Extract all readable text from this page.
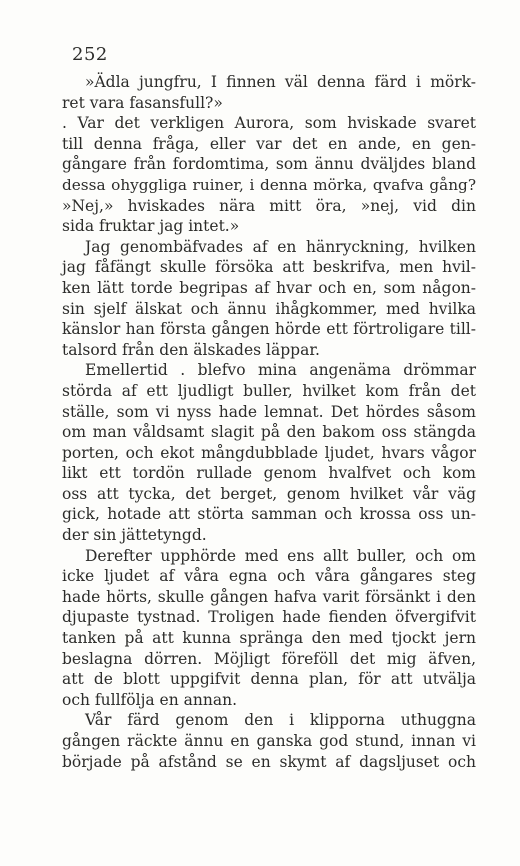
252
»Ädla jungfru, I finnen väl denna färd i mörk-
ret vara fasansfull?»
. Var det verkligen Aurora, som hviskade svaret
till denna fråga, eller var det en ande, en gen-
gångare från fordomtima, som ännu dväljdes bland
dessa ohyggliga ruiner, i denna mörka, qvafva gång?
»Nej,» hviskades nära mitt öra, »nej, vid din
sida fruktar jag intet.»
Jag genombäfvades af en hänryckning, hvilken
jag fåfängt skulle försöka att beskrifva, men hvil-
ken lätt torde begripas af hvar och en, som någon-
sin sjelf älskat och ännu ihågkommer, med hvilka
känslor han första gången hörde ett förtroligare till-
talsord från den älskades läppar.
Emellertid . blefvo mina angenäma drömmar
störda af ett ljudligt buller, hvilket kom från det
ställe, som vi nyss hade lemnat. Det hördes såsom
om man våldsamt slagit på den bakom oss stängda
porten, och ekot mångdubblade ljudet, hvars vågor
likt ett tordön rullade genom hvalfvet och kom
oss att tycka, det berget, genom hvilket vår väg
gick, hotade att störta samman och krossa oss un-
der sin jättetyngd.
Derefter upphörde med ens allt buller, och om
icke ljudet af våra egna och våra gångares steg
hade hörts, skulle gången hafva varit försänkt i den
djupaste tystnad. Troligen hade fienden öfvergifvit
tanken på att kunna spränga den med tjockt jern
beslagna dörren. Möjligt föreföll det mig äfven,
att de blott uppgifvit denna plan, för att utvälja
och fullfölja en annan.
Vår färd genom den i klipporna uthuggna
gången räckte ännu en ganska god stund, innan vi
började på afstånd se en skymt af dagsljuset och
